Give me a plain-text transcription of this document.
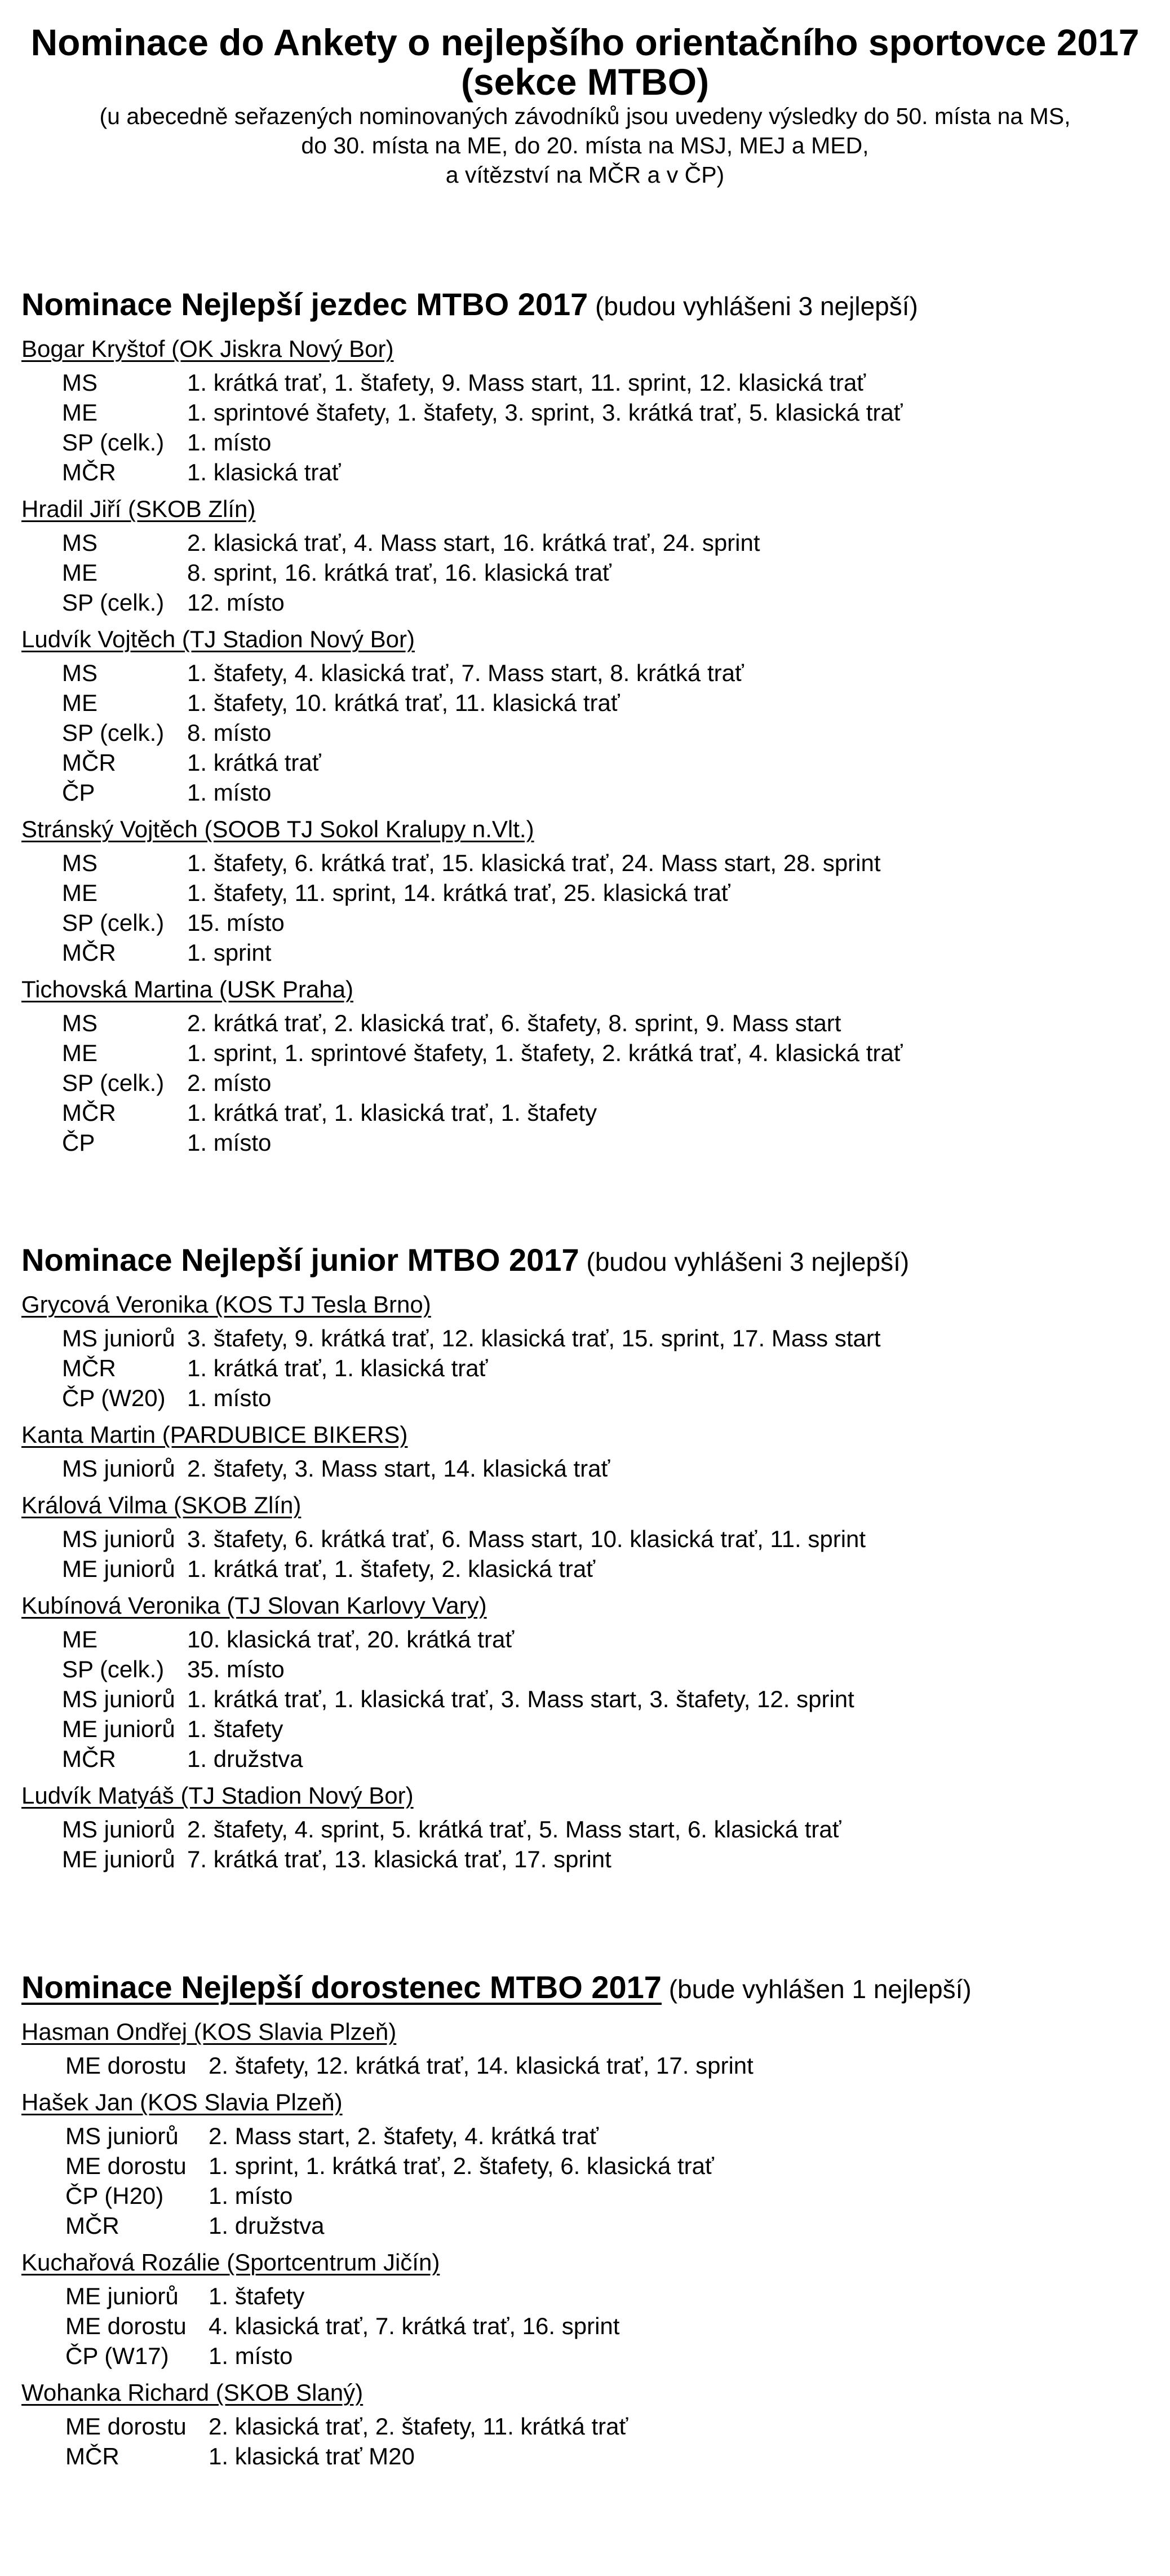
Nominace do Ankety o nejlepšího orientačního sportovce 2017

(sekce MTBO)

(u abecedně seřazených nominovaných závodníků jsou uvedeny výsledky do 50. místa na MS,

do 30. místa na ME, do 20. místa na MSJ, MEJ a MED,

a vítězství na MČR a v ČP)

Nominace Nejlepší jezdec MTBO 2017 (budou vyhlášeni 3 nejlepší)

Bogar Kryštof (OK Jiskra Nový Bor)

MS	1. krátká trať, 1. štafety, 9. Mass start, 11. sprint, 12. klasická trať
ME	1. sprintové štafety, 1. štafety, 3. sprint, 3. krátká trať, 5. klasická trať
SP (celk.) 1. místo
MČR	1. klasická trať

Hradil Jiří (SKOB Zlín)

MS	2. klasická trať, 4. Mass start, 16. krátká trať, 24. sprint
ME	8. sprint, 16. krátká trať, 16. klasická trať
SP (celk.) 12. místo

Ludvík Vojtěch (TJ Stadion Nový Bor)

MS	1. štafety, 4. klasická trať, 7. Mass start, 8. krátká trať
ME	1. štafety, 10. krátká trať, 11. klasická trať
SP (celk.) 8. místo
MČR	1. krátká trať
ČP	1. místo

Stránský Vojtěch (SOOB TJ Sokol Kralupy n.Vlt.)

MS	1. štafety, 6. krátká trať, 15. klasická trať, 24. Mass start, 28. sprint
ME	1. štafety, 11. sprint, 14. krátká trať, 25. klasická trať
SP (celk.) 15. místo
MČR	1. sprint

Tichovská Martina (USK Praha)

MS	2. krátká trať, 2. klasická trať, 6. štafety, 8. sprint, 9. Mass start
ME	1. sprint, 1. sprintové štafety, 1. štafety, 2. krátká trať, 4. klasická trať
SP (celk.) 2. místo
MČR	1. krátká trať, 1. klasická trať, 1. štafety
ČP	1. místo

Nominace Nejlepší junior MTBO 2017 (budou vyhlášeni 3 nejlepší)

Grycová Veronika (KOS TJ Tesla Brno)

MS juniorů 3. štafety, 9. krátká trať, 12. klasická trať, 15. sprint, 17. Mass start
MČR	1. krátká trať, 1. klasická trať
ČP (W20) 1. místo

Kanta Martin (PARDUBICE BIKERS)

MS juniorů 2. štafety, 3. Mass start, 14. klasická trať

Králová Vilma (SKOB Zlín)

MS juniorů 3. štafety, 6. krátká trať, 6. Mass start, 10. klasická trať, 11. sprint
ME juniorů 1. krátká trať, 1. štafety, 2. klasická trať

Kubínová Veronika (TJ Slovan Karlovy Vary)

ME	10. klasická trať, 20. krátká trať
SP (celk.) 35. místo
MS juniorů 1. krátká trať, 1. klasická trať, 3. Mass start, 3. štafety, 12. sprint
ME juniorů 1. štafety
MČR	1. družstva

Ludvík Matyáš (TJ Stadion Nový Bor)

MS juniorů 2. štafety, 4. sprint, 5. krátká trať, 5. Mass start, 6. klasická trať
ME juniorů 7. krátká trať, 13. klasická trať, 17. sprint

Nominace Nejlepší dorostenec MTBO 2017 (bude vyhlášen 1 nejlepší)

Hasman Ondřej (KOS Slavia Plzeň)

ME dorostu 2. štafety, 12. krátká trať, 14. klasická trať, 17. sprint

Hašek Jan (KOS Slavia Plzeň)

MS juniorů	2. Mass start, 2. štafety, 4. krátká trať
ME dorostu 1. sprint, 1. krátká trať, 2. štafety, 6. klasická trať
ČP (H20)	1. místo
MČR	1. družstva

Kuchařová Rozálie (Sportcentrum Jičín)

ME juniorů	1. štafety
ME dorostu 4. klasická trať, 7. krátká trať, 16. sprint
ČP (W17)	1. místo

Wohanka Richard (SKOB Slaný)

ME dorostu 2. klasická trať, 2. štafety, 11. krátká trať
MČR	1. klasická trať M20
